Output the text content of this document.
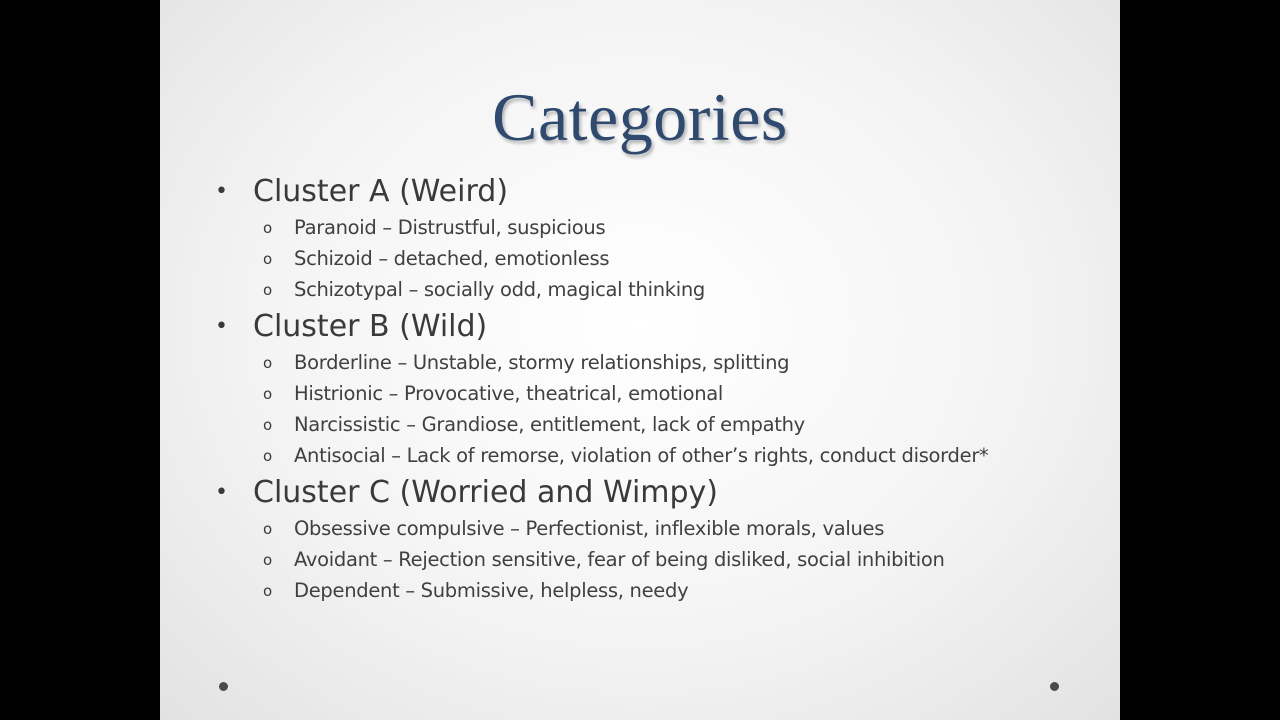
Categories
• Cluster A (Weird)
o	Paranoid – Distrustful, suspicious
o	Schizoid – detached, emotionless
o	Schizotypal – socially odd, magical thinking
• Cluster B (Wild)
o	Borderline – Unstable, stormy relationships, splitting
o	Histrionic – Provocative, theatrical, emotional
o	Narcissistic – Grandiose, entitlement, lack of empathy
o	Antisocial – Lack of remorse, violation of other’s rights, conduct disorder*
• Cluster C (Worried and Wimpy)
o	Obsessive compulsive – Perfectionist, inflexible morals, values
o	Avoidant – Rejection sensitive, fear of being disliked, social inhibition
o	Dependent – Submissive, helpless, needy
